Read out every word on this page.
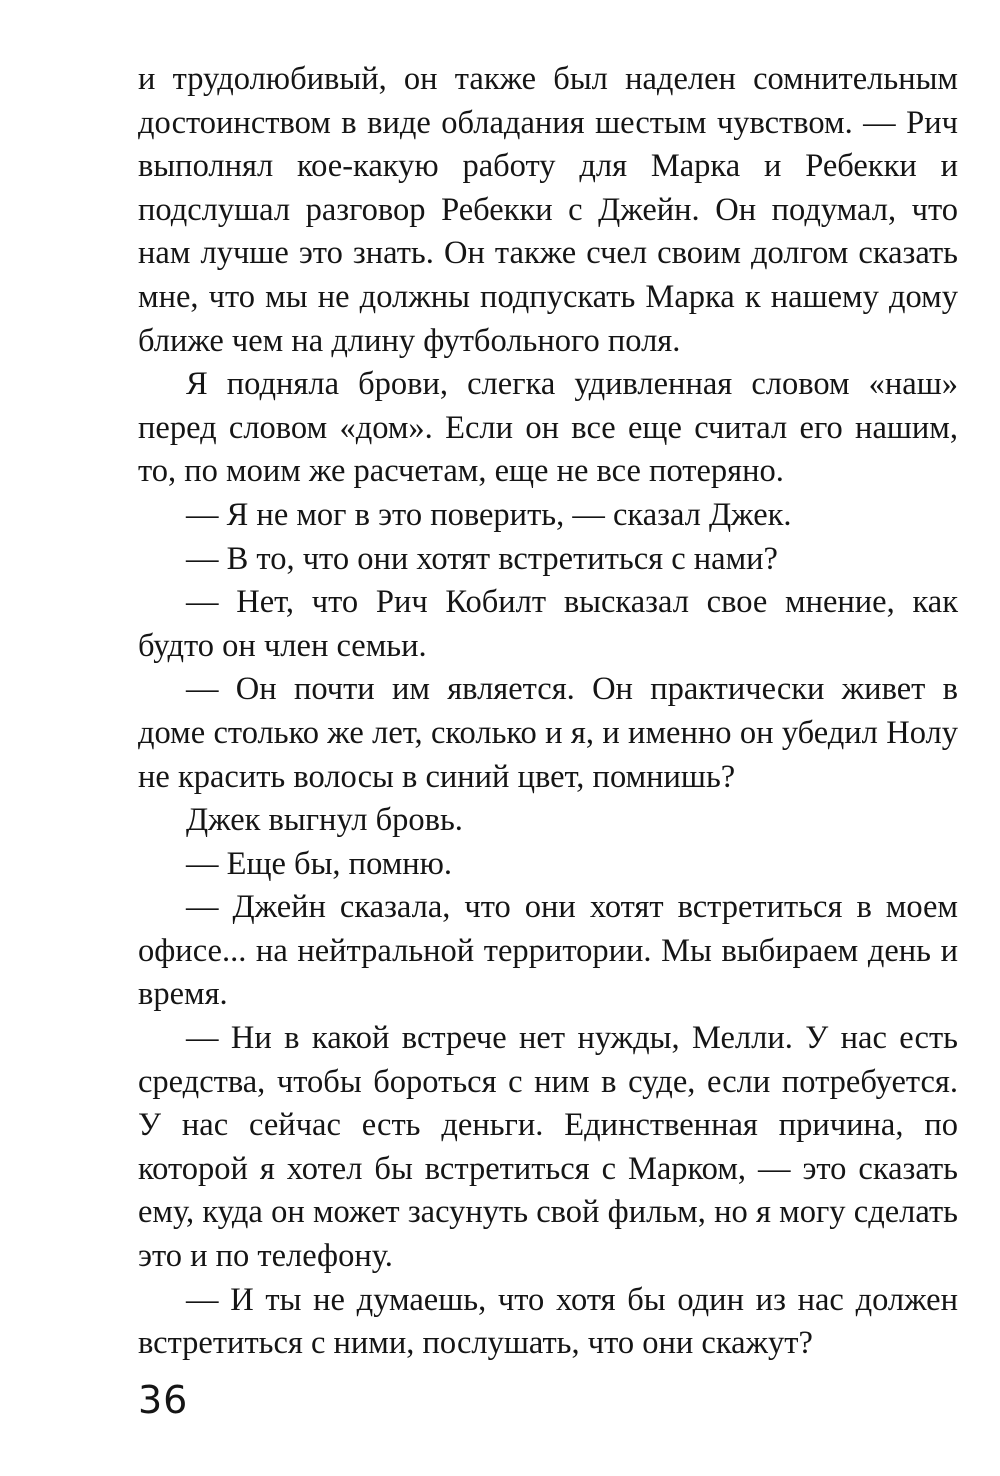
и трудолюбивый, он также был наделен сомнительным достоинством в виде обладания шестым чувством. — Рич выполнял кое-какую работу для Марка и Ребекки и подслушал разговор Ребекки с Джейн. Он подумал, что нам лучше это знать. Он также счел своим долгом сказать мне, что мы не должны подпускать Марка к нашему дому ближе чем на длину футбольного поля.

Я подняла брови, слегка удивленная словом «наш» перед словом «дом». Если он все еще считал его нашим, то, по моим же расчетам, еще не все потеряно.

— Я не мог в это поверить, — сказал Джек.

— В то, что они хотят встретиться с нами?

— Нет, что Рич Кобилт высказал свое мнение, как будто он член семьи.

— Он почти им является. Он практически живет в доме столько же лет, сколько и я, и именно он убедил Нолу не красить волосы в синий цвет, помнишь?

Джек выгнул бровь.

— Еще бы, помню.

— Джейн сказала, что они хотят встретиться в моем офисе... на нейтральной территории. Мы выбираем день и время.

— Ни в какой встрече нет нужды, Мелли. У нас есть средства, чтобы бороться с ним в суде, если потребуется. У нас сейчас есть деньги. Единственная причина, по которой я хотел бы встретиться с Марком, — это сказать ему, куда он может засунуть свой фильм, но я могу сделать это и по телефону.

— И ты не думаешь, что хотя бы один из нас должен встретиться с ними, послушать, что они скажут?

36
